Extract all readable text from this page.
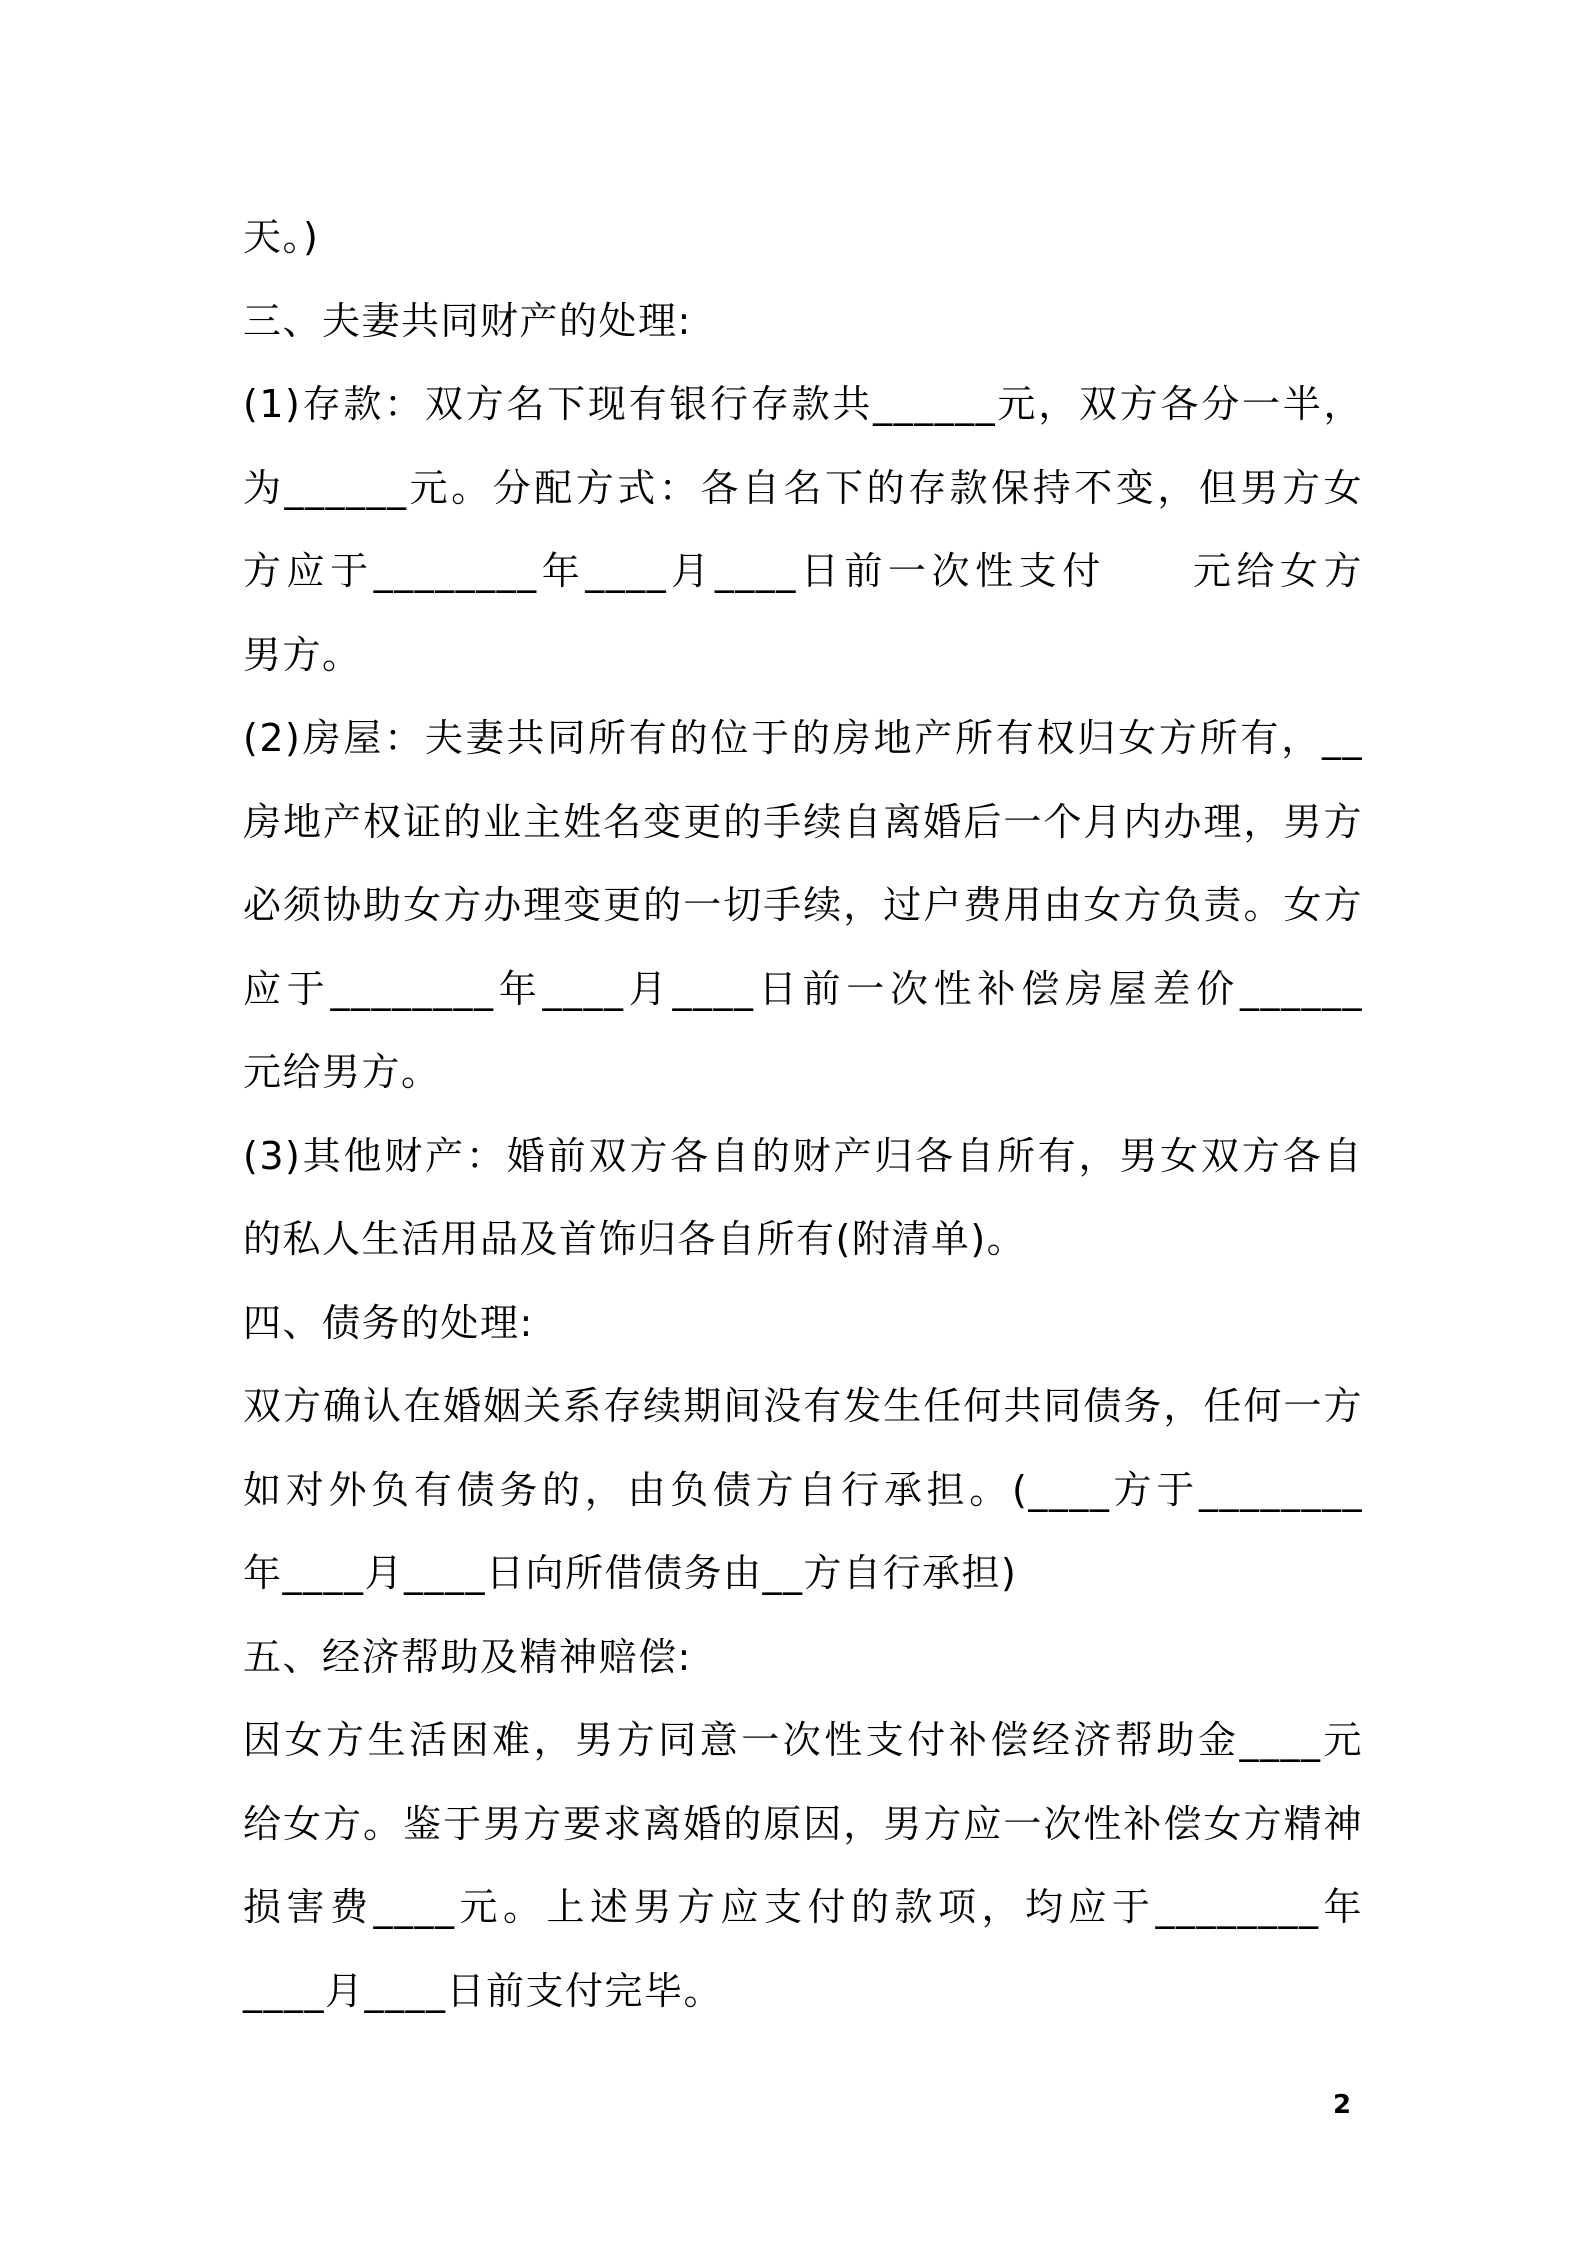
天。)
三、夫妻共同财产的处理:
(1)存款：双方名下现有银行存款共______元，双方各分一半，
为______元。分配方式：各自名下的存款保持不变，但男方女
方应于________年____月____日前一次性支付　　元给女方
男方。
(2)房屋：夫妻共同所有的位于的房地产所有权归女方所有，__
房地产权证的业主姓名变更的手续自离婚后一个月内办理，男方
必须协助女方办理变更的一切手续，过户费用由女方负责。女方
应于________年____月____日前一次性补偿房屋差价______
元给男方。
(3)其他财产：婚前双方各自的财产归各自所有，男女双方各自
的私人生活用品及首饰归各自所有(附清单)。
四、债务的处理:
双方确认在婚姻关系存续期间没有发生任何共同债务，任何一方
如对外负有债务的，由负债方自行承担。(____方于________
年____月____日向所借债务由__方自行承担)
五、经济帮助及精神赔偿:
因女方生活困难，男方同意一次性支付补偿经济帮助金____元
给女方。鉴于男方要求离婚的原因，男方应一次性补偿女方精神
损害费____元。上述男方应支付的款项，均应于________年
____月____日前支付完毕。
2
